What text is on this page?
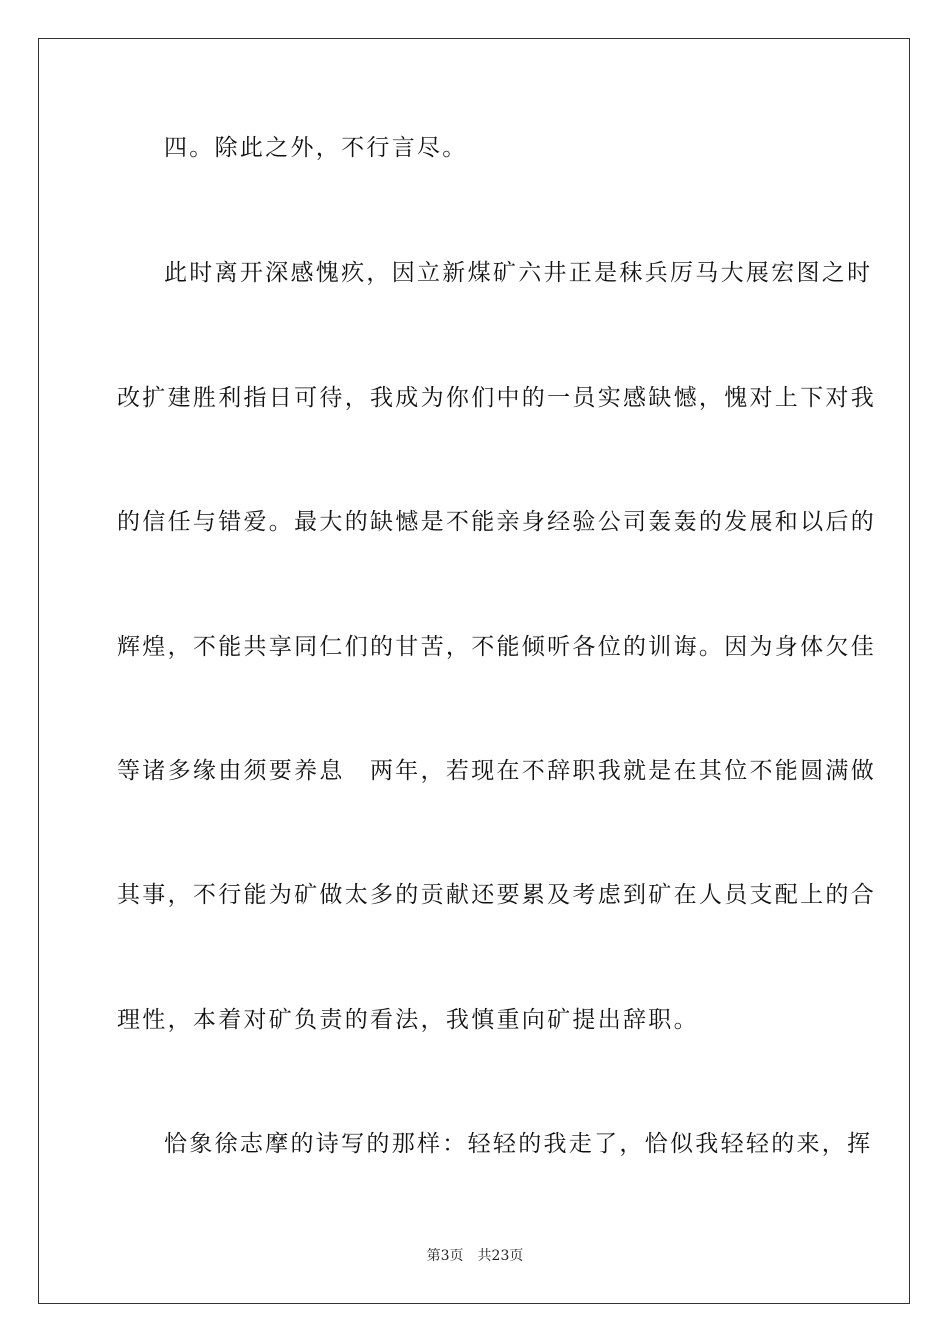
四。除此之外，不行言尽。
此时离开深感愧疚，因立新煤矿六井正是秣兵厉马大展宏图之时
改扩建胜利指日可待，我成为你们中的一员实感缺憾，愧对上下对我
的信任与错爱。最大的缺憾是不能亲身经验公司轰轰的发展和以后的
辉煌，不能共享同仁们的甘苦，不能倾听各位的训诲。因为身体欠佳
等诸多缘由须要养息　两年，若现在不辞职我就是在其位不能圆满做
其事，不行能为矿做太多的贡献还要累及考虑到矿在人员支配上的合
理性，本着对矿负责的看法，我慎重向矿提出辞职。
恰象徐志摩的诗写的那样：轻轻的我走了，恰似我轻轻的来，挥
第3页 共23页
